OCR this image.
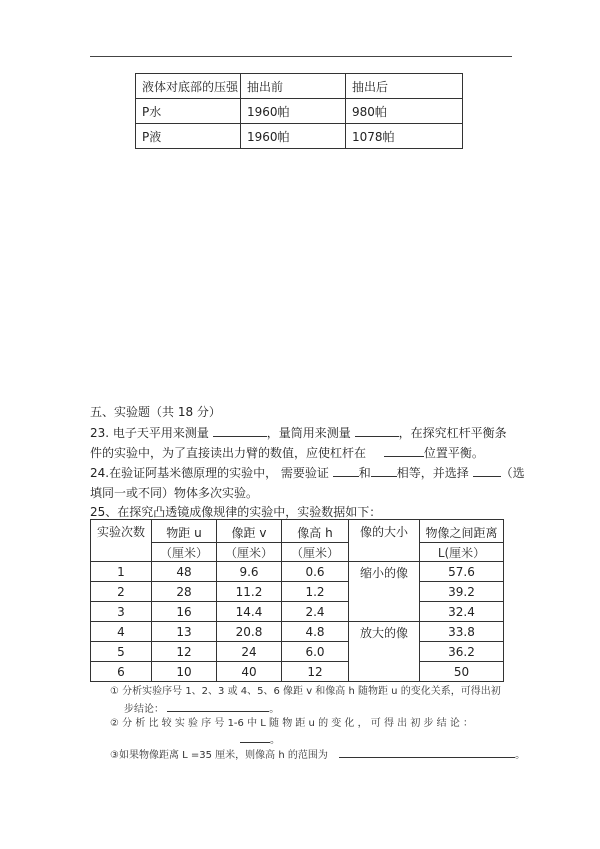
液体对底部的压强	抽出前	抽出后
P水	1960帕	980帕
P液	1960帕	1078帕
五、实验题（共 18 分）
23. 电子天平用来测量	，量筒用来测量	，在探究杠杆平衡条
件的实验中，为了直接读出力臂的数值，应使杠杆在	位置平衡。
24.在验证阿基米德原理的实验中， 需要验证 和 相等，并选择	（选
填同一或不同）物体多次实验。
25、在探究凸透镜成像规律的实验中，实验数据如下：
实验次数	物距 u	像距 v	像高 h	像的大小	物像之间距离
	（厘米）	（厘米）	（厘米）		L(厘米）
1	48	9.6	0.6	缩小的像	57.6
2	28	11.2	1.2		39.2
3	16	14.4	2.4		32.4
4	13	20.8	4.8	放大的像	33.8
5	12	24	6.0		36.2
6	10	40	12		50
① 分析实验序号 1、2、3 或 4、5、6 像距 v 和像高 h 随物距 u 的变化关系，可得出初
步结论：	。
② 分 析 比 较 实 验 序 号 1-6 中 L 随 物 距 u 的 变 化 ， 可 得 出 初 步 结 论 ：
。
③如果物像距离 L =35 厘米，则像高 h 的范围为	。
